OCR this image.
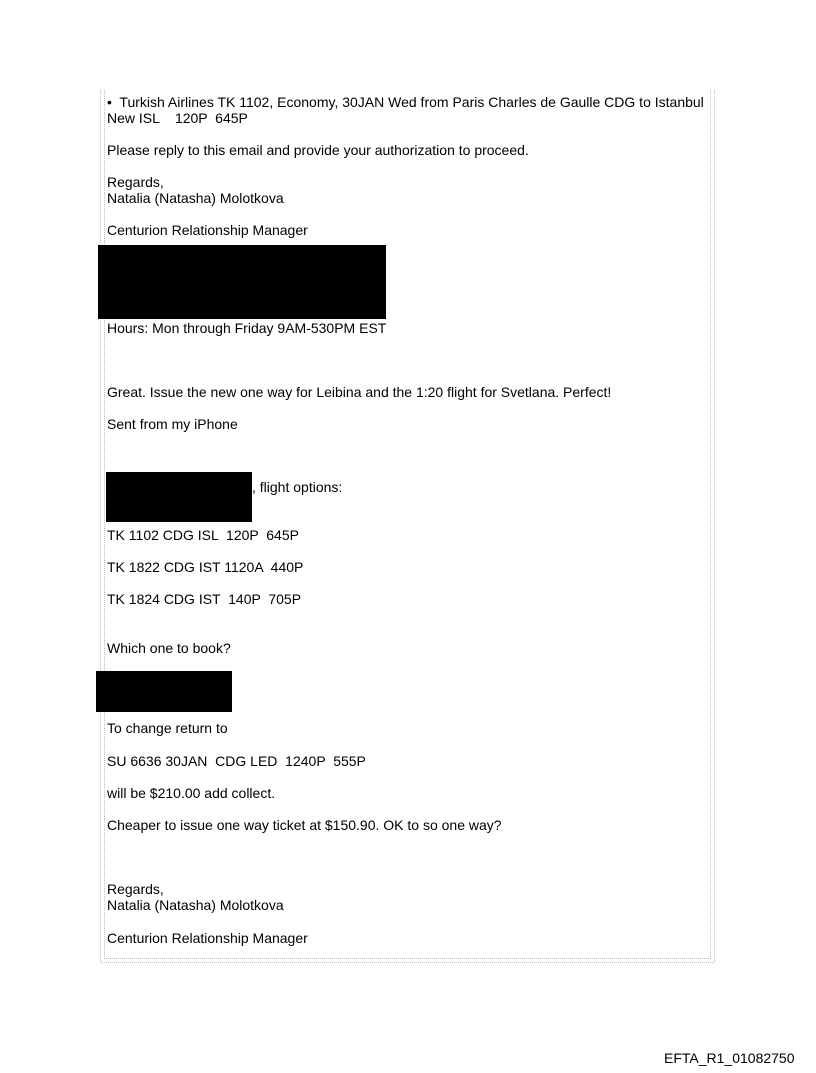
•  Turkish Airlines TK 1102, Economy, 30JAN Wed from Paris Charles de Gaulle CDG to Istanbul
New ISL    120P  645P
Please reply to this email and provide your authorization to proceed.
Regards,
Natalia (Natasha) Molotkova
Centurion Relationship Manager
Hours: Mon through Friday 9AM-530PM EST
Great. Issue the new one way for Leibina and the 1:20 flight for Svetlana. Perfect!
Sent from my iPhone
, flight options:
TK 1102 CDG ISL  120P  645P
TK 1822 CDG IST 1120A  440P
TK 1824 CDG IST  140P  705P
Which one to book?
To change return to
SU 6636 30JAN  CDG LED  1240P  555P
will be $210.00 add collect.
Cheaper to issue one way ticket at $150.90. OK to so one way?
Regards,
Natalia (Natasha) Molotkova
Centurion Relationship Manager
EFTA_R1_01082750
